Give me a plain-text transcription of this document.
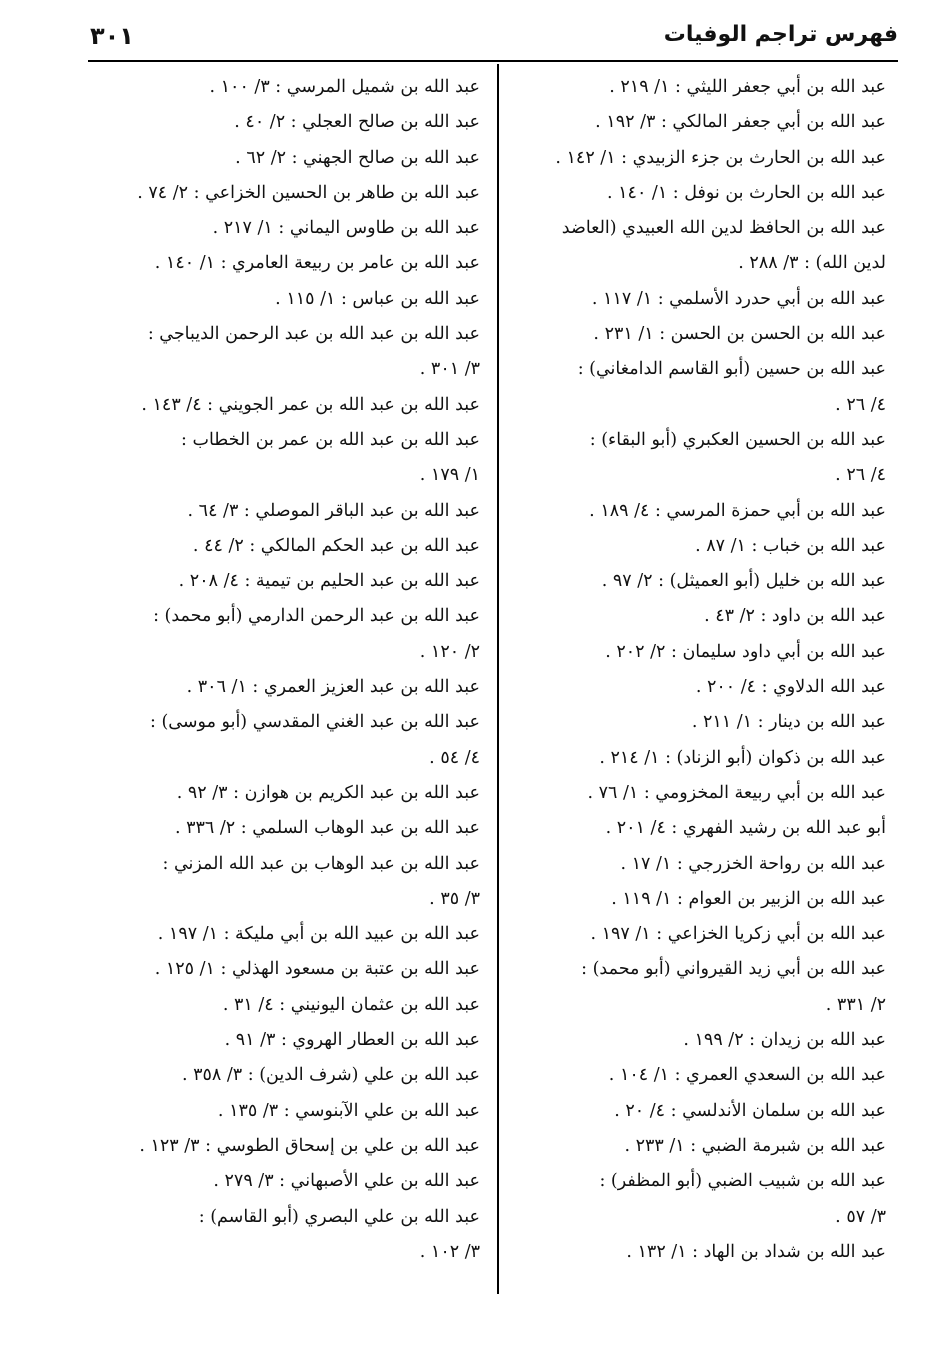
فهرس تراجم الوفيات
٣٠١
عبد الله بن أبي جعفر الليثي : ١/ ٢١٩ .
عبد الله بن أبي جعفر المالكي : ٣/ ١٩٢ .
عبد الله بن الحارث بن جزء الزبيدي : ١/ ١٤٢ .
عبد الله بن الحارث بن نوفل : ١/ ١٤٠ .
عبد الله بن الحافظ لدين الله العبيدي (العاضد
لدين الله) : ٣/ ٢٨٨ .
عبد الله بن أبي حدرد الأسلمي : ١/ ١١٧ .
عبد الله بن الحسن بن الحسن : ١/ ٢٣١ .
عبد الله بن حسين (أبو القاسم الدامغاني) :
٤/ ٢٦ .
عبد الله بن الحسين العكبري (أبو البقاء) :
٤/ ٢٦ .
عبد الله بن أبي حمزة المرسي : ٤/ ١٨٩ .
عبد الله بن خباب : ١/ ٨٧ .
عبد الله بن خليل (أبو العميثل) : ٢/ ٩٧ .
عبد الله بن داود : ٢/ ٤٣ .
عبد الله بن أبي داود سليمان : ٢/ ٢٠٢ .
عبد الله الدلاوي : ٤/ ٢٠٠ .
عبد الله بن دينار : ١/ ٢١١ .
عبد الله بن ذكوان (أبو الزناد) : ١/ ٢١٤ .
عبد الله بن أبي ربيعة المخزومي : ١/ ٧٦ .
أبو عبد الله بن رشيد الفهري : ٤/ ٢٠١ .
عبد الله بن رواحة الخزرجي : ١/ ١٧ .
عبد الله بن الزبير بن العوام : ١/ ١١٩ .
عبد الله بن أبي زكريا الخزاعي : ١/ ١٩٧ .
عبد الله بن أبي زيد القيرواني (أبو محمد) :
٢/ ٣٣١ .
عبد الله بن زيدان : ٢/ ١٩٩ .
عبد الله بن السعدي العمري : ١/ ١٠٤ .
عبد الله بن سلمان الأندلسي : ٤/ ٢٠ .
عبد الله بن شبرمة الضبي : ١/ ٢٣٣ .
عبد الله بن شبيب الضبي (أبو المظفر) :
٣/ ٥٧ .
عبد الله بن شداد بن الهاد : ١/ ١٣٢ .
عبد الله بن شميل المرسي : ٣/ ١٠٠ .
عبد الله بن صالح العجلي : ٢/ ٤٠ .
عبد الله بن صالح الجهني : ٢/ ٦٢ .
عبد الله بن طاهر بن الحسين الخزاعي : ٢/ ٧٤ .
عبد الله بن طاوس اليماني : ١/ ٢١٧ .
عبد الله بن عامر بن ربيعة العامري : ١/ ١٤٠ .
عبد الله بن عباس : ١/ ١١٥ .
عبد الله بن عبد الله بن عبد الرحمن الديباجي :
٣/ ٣٠١ .
عبد الله بن عبد الله بن عمر الجويني : ٤/ ١٤٣ .
عبد الله بن عبد الله بن عمر بن الخطاب :
١/ ١٧٩ .
عبد الله بن عبد الباقر الموصلي : ٣/ ٦٤ .
عبد الله بن عبد الحكم المالكي : ٢/ ٤٤ .
عبد الله بن عبد الحليم بن تيمية : ٤/ ٢٠٨ .
عبد الله بن عبد الرحمن الدارمي (أبو محمد) :
٢/ ١٢٠ .
عبد الله بن عبد العزيز العمري : ١/ ٣٠٦ .
عبد الله بن عبد الغني المقدسي (أبو موسى) :
٤/ ٥٤ .
عبد الله بن عبد الكريم بن هوازن : ٣/ ٩٢ .
عبد الله بن عبد الوهاب السلمي : ٢/ ٣٣٦ .
عبد الله بن عبد الوهاب بن عبد الله المزني :
٣/ ٣٥ .
عبد الله بن عبيد الله بن أبي مليكة : ١/ ١٩٧ .
عبد الله بن عتبة بن مسعود الهذلي : ١/ ١٢٥ .
عبد الله بن عثمان اليونيني : ٤/ ٣١ .
عبد الله بن العطار الهروي : ٣/ ٩١ .
عبد الله بن علي (شرف الدين) : ٣/ ٣٥٨ .
عبد الله بن علي الآبنوسي : ٣/ ١٣٥ .
عبد الله بن علي بن إسحاق الطوسي : ٣/ ١٢٣ .
عبد الله بن علي الأصبهاني : ٣/ ٢٧٩ .
عبد الله بن علي البصري (أبو القاسم) :
٣/ ١٠٢ .
